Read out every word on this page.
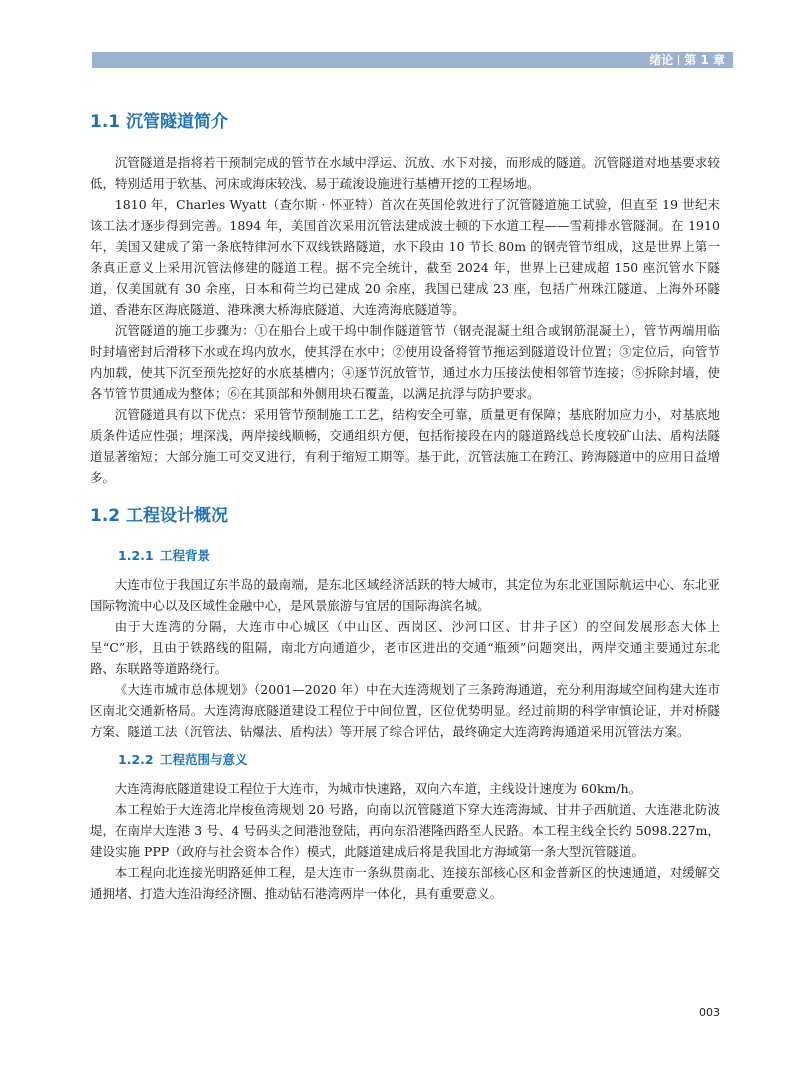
绪论 第 1 章
1.1 沉管隧道简介

沉管隧道是指将若干预制完成的管节在水域中浮运、沉放、水下对接，而形成的隧道。沉管隧道对地基要求较低，特别适用于软基、河床或海床较浅、易于疏浚设施进行基槽开挖的工程场地。

1810 年，Charles Wyatt（查尔斯 · 怀亚特）首次在英国伦敦进行了沉管隧道施工试验，但直至 19 世纪末该工法才逐步得到完善。1894 年，美国首次采用沉管法建成波士顿的下水道工程——雪莉排水管隧洞。在 1910 年，美国又建成了第一条底特律河水下双线铁路隧道，水下段由 10 节长 80m 的钢壳管节组成，这是世界上第一条真正意义上采用沉管法修建的隧道工程。据不完全统计，截至 2024 年，世界上已建成超 150 座沉管水下隧道，仅美国就有 30 余座，日本和荷兰均已建成 20 余座，我国已建成 23 座，包括广州珠江隧道、上海外环隧道、香港东区海底隧道、港珠澳大桥海底隧道、大连湾海底隧道等。

沉管隧道的施工步骤为：①在船台上或干坞中制作隧道管节（钢壳混凝土组合或钢筋混凝土），管节两端用临时封墙密封后滑移下水或在坞内放水，使其浮在水中；②使用设备将管节拖运到隧道设计位置；③定位后，向管节内加载，使其下沉至预先挖好的水底基槽内；④逐节沉放管节，通过水力压接法使相邻管节连接；⑤拆除封墙，使各节管节贯通成为整体；⑥在其顶部和外侧用块石覆盖，以满足抗浮与防护要求。

沉管隧道具有以下优点：采用管节预制施工工艺，结构安全可靠，质量更有保障；基底附加应力小，对基底地质条件适应性强；埋深浅，两岸接线顺畅，交通组织方便，包括衔接段在内的隧道路线总长度较矿山法、盾构法隧道显著缩短；大部分施工可交叉进行，有利于缩短工期等。基于此，沉管法施工在跨江、跨海隧道中的应用日益增多。

1.2 工程设计概况
1.2.1 工程背景

大连市位于我国辽东半岛的最南端，是东北区域经济活跃的特大城市，其定位为东北亚国际航运中心、东北亚国际物流中心以及区域性金融中心，是风景旅游与宜居的国际海滨名城。

由于大连湾的分隔，大连市中心城区（中山区、西岗区、沙河口区、甘井子区）的空间发展形态大体上呈“C”形，且由于铁路线的阻隔，南北方向通道少，老市区进出的交通“瓶颈”问题突出，两岸交通主要通过东北路、东联路等道路绕行。

《大连市城市总体规划》（2001—2020 年）中在大连湾规划了三条跨海通道，充分利用海域空间构建大连市区南北交通新格局。大连湾海底隧道建设工程位于中间位置，区位优势明显。经过前期的科学审慎论证，并对桥隧方案、隧道工法（沉管法、钻爆法、盾构法）等开展了综合评估，最终确定大连湾跨海通道采用沉管法方案。

1.2.2 工程范围与意义

大连湾海底隧道建设工程位于大连市，为城市快速路，双向六车道，主线设计速度为 60km/h。

本工程始于大连湾北岸梭鱼湾规划 20 号路，向南以沉管隧道下穿大连湾海域、甘井子西航道、大连港北防波堤，在南岸大连港 3 号、4 号码头之间港池登陆，再向东沿港隆西路至人民路。本工程主线全长约 5098.227m，建设实施 PPP（政府与社会资本合作）模式，此隧道建成后将是我国北方海域第一条大型沉管隧道。

本工程向北连接光明路延伸工程，是大连市一条纵贯南北、连接东部核心区和金普新区的快速通道，对缓解交通拥堵、打造大连沿海经济圈、推动钻石港湾两岸一体化，具有重要意义。

003
